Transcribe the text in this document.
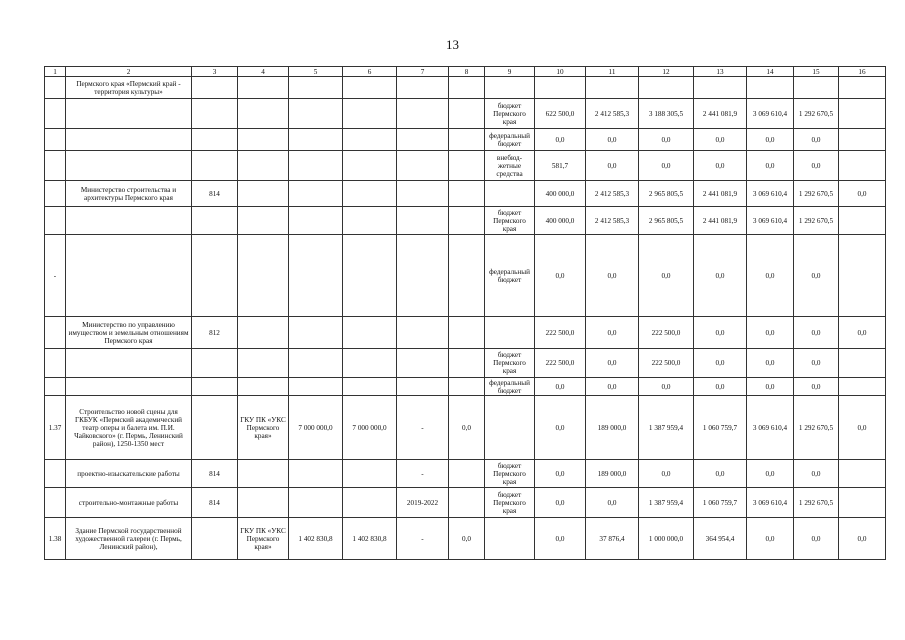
13
1	2	3	4	5	6	7	8	9	10	11	12	13	14	15	16
	Пермского края «Пермский край - территория культуры»														
								бюджет Пермского края	622 500,0	2 412 585,3	3 188 305,5	2 441 081,9	3 069 610,4	1 292 670,5	
								федеральный бюджет	0,0	0,0	0,0	0,0	0,0	0,0	
								внебюд-жетные средства	581,7	0,0	0,0	0,0	0,0	0,0	
	Министерство строительства и архитектуры Пермского края	814							400 000,0	2 412 585,3	2 965 805,5	2 441 081,9	3 069 610,4	1 292 670,5	0,0
								бюджет Пермского края	400 000,0	2 412 585,3	2 965 805,5	2 441 081,9	3 069 610,4	1 292 670,5	
-								федеральный бюджет	0,0	0,0	0,0	0,0	0,0	0,0	
	Министерство по управлению имуществом и земельным отношениям Пермского края	812							222 500,0	0,0	222 500,0	0,0	0,0	0,0	0,0
								бюджет Пермского края	222 500,0	0,0	222 500,0	0,0	0,0	0,0	
								федеральный бюджет	0,0	0,0	0,0	0,0	0,0	0,0	
1.37	Строительство новой сцены для ГКБУК «Пермский академический театр оперы и балета им. П.И. Чайковского» (г. Пермь, Ленинский район), 1250-1350 мест		ГКУ ПК «УКС Пермского края»	7 000 000,0	7 000 000,0	-	0,0		0,0	189 000,0	1 387 959,4	1 060 759,7	3 069 610,4	1 292 670,5	0,0
	проектно-изыскательские работы	814				-		бюджет Пермского края	0,0	189 000,0	0,0	0,0	0,0	0,0	
	строительно-монтажные работы	814				2019-2022		бюджет Пермского края	0,0	0,0	1 387 959,4	1 060 759,7	3 069 610,4	1 292 670,5	
1.38	Здание Пермской государственной художественной галереи (г. Пермь, Ленинский район),		ГКУ ПК «УКС Пермского края»	1 402 830,8	1 402 830,8	-	0,0		0,0	37 876,4	1 000 000,0	364 954,4	0,0	0,0	0,0
